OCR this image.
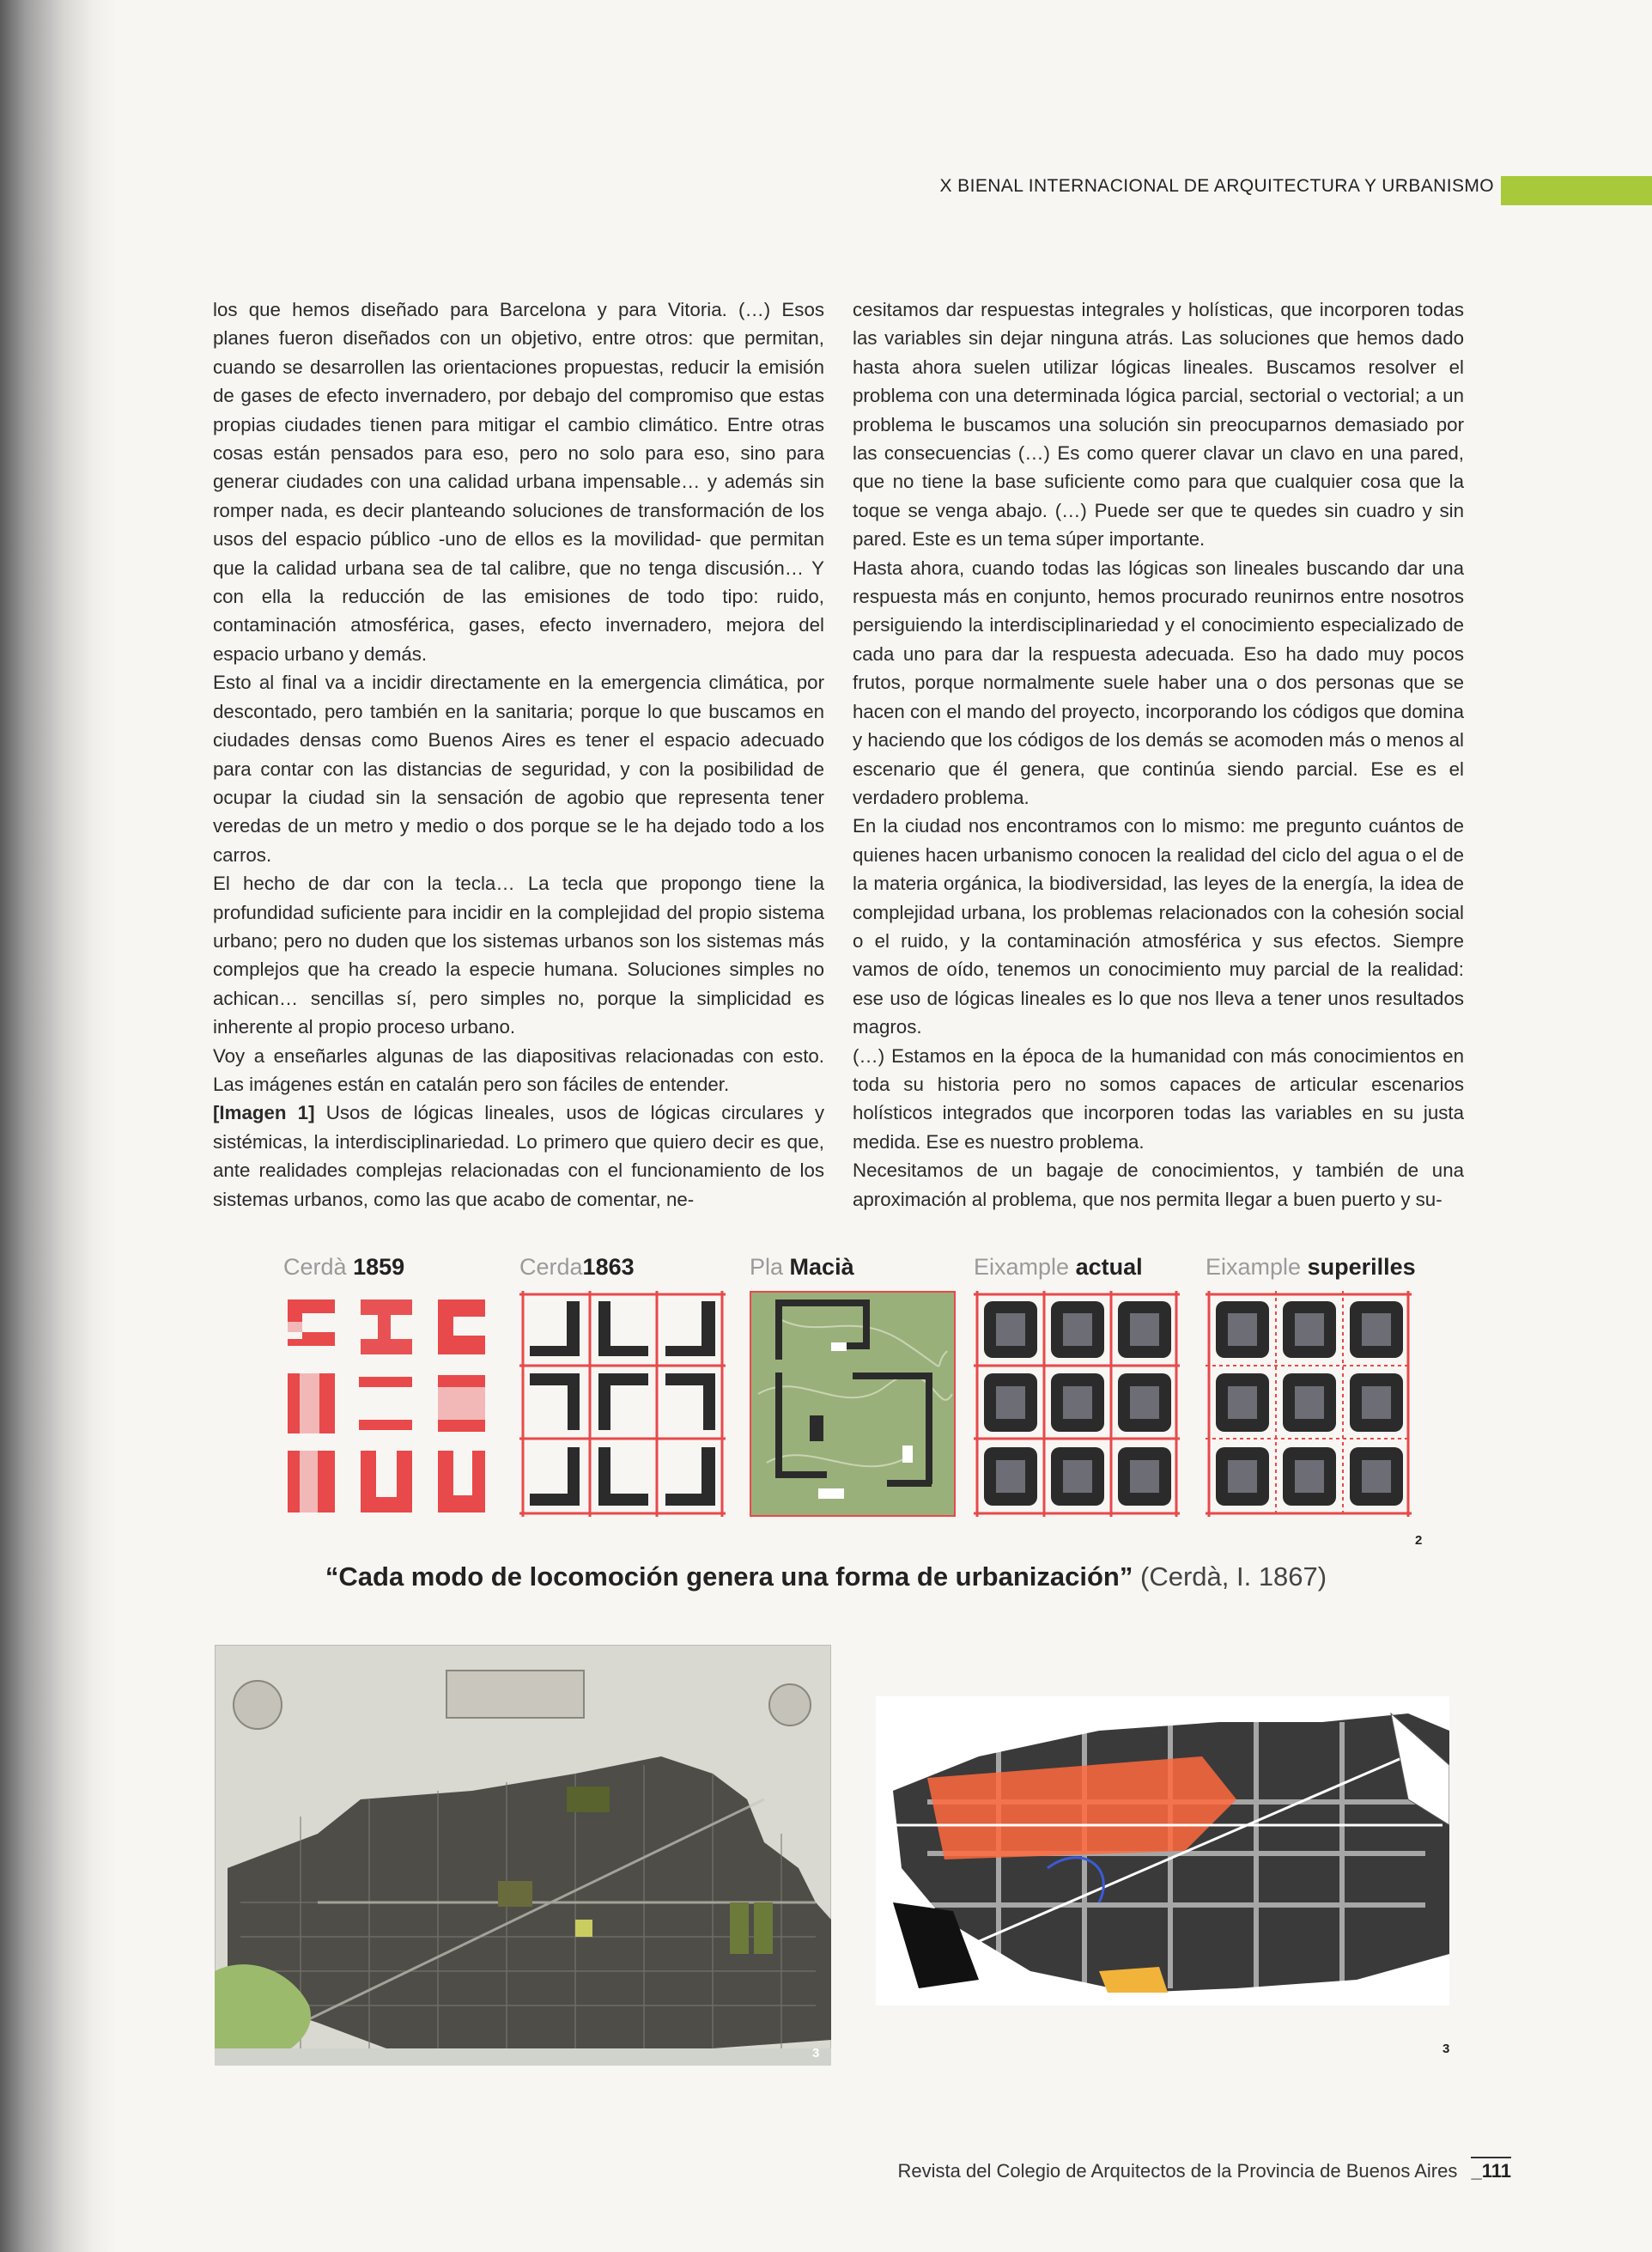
X BIENAL INTERNACIONAL DE ARQUITECTURA Y URBANISMO

los que hemos diseñado para Barcelona y para Vitoria. (…) Esos planes fueron diseñados con un objetivo, entre otros: que permitan, cuando se desarrollen las orientaciones propuestas, reducir la emisión de gases de efecto invernadero, por debajo del compromiso que estas propias ciudades tienen para mitigar el cambio climático. Entre otras cosas están pensados para eso, pero no solo para eso, sino para generar ciudades con una calidad urbana impensable… y además sin romper nada, es decir planteando soluciones de transformación de los usos del espacio público -uno de ellos es la movilidad- que permitan que la calidad urbana sea de tal calibre, que no tenga discusión… Y con ella la reducción de las emisiones de todo tipo: ruido, contaminación atmosférica, gases, efecto invernadero, mejora del espacio urbano y demás.

Esto al final va a incidir directamente en la emergencia climática, por descontado, pero también en la sanitaria; porque lo que buscamos en ciudades densas como Buenos Aires es tener el espacio adecuado para contar con las distancias de seguridad, y con la posibilidad de ocupar la ciudad sin la sensación de agobio que representa tener veredas de un metro y medio o dos porque se le ha dejado todo a los carros.

El hecho de dar con la tecla… La tecla que propongo tiene la profundidad suficiente para incidir en la complejidad del propio sistema urbano; pero no duden que los sistemas urbanos son los sistemas más complejos que ha creado la especie humana. Soluciones simples no achican… sencillas sí, pero simples no, porque la simplicidad es inherente al propio proceso urbano.

Voy a enseñarles algunas de las diapositivas relacionadas con esto. Las imágenes están en catalán pero son fáciles de entender.

[Imagen 1] Usos de lógicas lineales, usos de lógicas circulares y sistémicas, la interdisciplinariedad. Lo primero que quiero decir es que, ante realidades complejas relacionadas con el funcionamiento de los sistemas urbanos, como las que acabo de comentar, ne-

cesitamos dar respuestas integrales y holísticas, que incorporen todas las variables sin dejar ninguna atrás. Las soluciones que hemos dado hasta ahora suelen utilizar lógicas lineales. Buscamos resolver el problema con una determinada lógica parcial, sectorial o vectorial; a un problema le buscamos una solución sin preocuparnos demasiado por las consecuencias (…) Es como querer clavar un clavo en una pared, que no tiene la base suficiente como para que cualquier cosa que la toque se venga abajo. (…) Puede ser que te quedes sin cuadro y sin pared. Este es un tema súper importante.

Hasta ahora, cuando todas las lógicas son lineales buscando dar una respuesta más en conjunto, hemos procurado reunirnos entre nosotros persiguiendo la interdisciplinariedad y el conocimiento especializado de cada uno para dar la respuesta adecuada. Eso ha dado muy pocos frutos, porque normalmente suele haber una o dos personas que se hacen con el mando del proyecto, incorporando los códigos que domina y haciendo que los códigos de los demás se acomoden más o menos al escenario que él genera, que continúa siendo parcial. Ese es el verdadero problema.

En la ciudad nos encontramos con lo mismo: me pregunto cuántos de quienes hacen urbanismo conocen la realidad del ciclo del agua o el de la materia orgánica, la biodiversidad, las leyes de la energía, la idea de complejidad urbana, los problemas relacionados con la cohesión social o el ruido, y la contaminación atmosférica y sus efectos. Siempre vamos de oído, tenemos un conocimiento muy parcial de la realidad: ese uso de lógicas lineales es lo que nos lleva a tener unos resultados magros.

(…) Estamos en la época de la humanidad con más conocimientos en toda su historia pero no somos capaces de articular escenarios holísticos integrados que incorporen todas las variables en su justa medida. Ese es nuestro problema.

Necesitamos de un bagaje de conocimientos, y también de una aproximación al problema, que nos permita llegar a buen puerto y su-

Cerdà 1859	Cerda1863	Pla Macià	Eixample actual	Eixample superilles
2
“Cada modo de locomoción genera una forma de urbanización” (Cerdà, I. 1867)
3	3
Revista del Colegio de Arquitectos de la Provincia de Buenos Aires _111
